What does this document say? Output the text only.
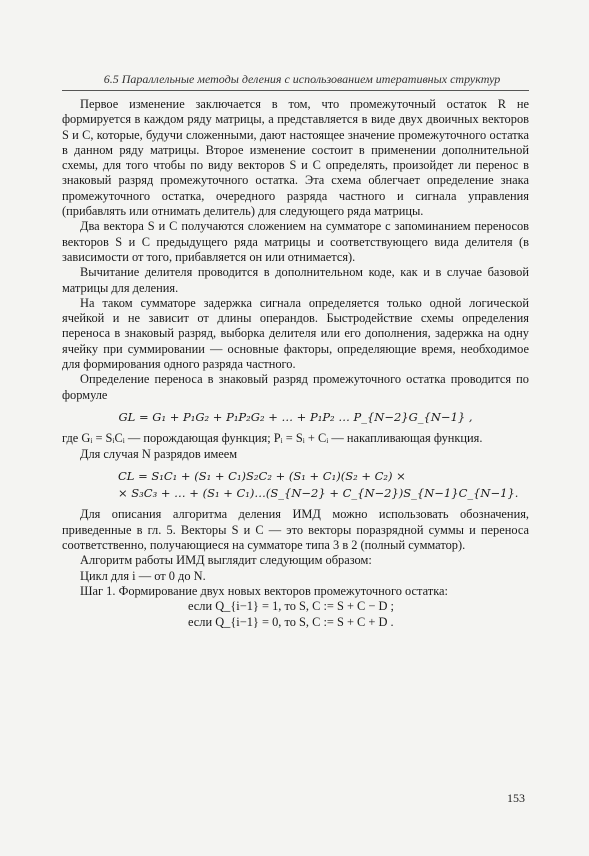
6.5 Параллельные методы деления с использованием итеративных структур

Первое изменение заключается в том, что промежуточный остаток R не формируется в каждом ряду матрицы, а представляется в виде двух двоичных векторов S и C, которые, будучи сложенными, дают настоящее значение промежуточного остатка в данном ряду матрицы. Второе изменение состоит в применении дополнительной схемы, для того чтобы по виду векторов S и C определять, произойдет ли перенос в знаковый разряд промежуточного остатка. Эта схема облегчает определение знака промежуточного остатка, очередного разряда частного и сигнала управления (прибавлять или отнимать делитель) для следующего ряда матрицы.

Два вектора S и C получаются сложением на сумматоре с запоминанием переносов векторов S и C предыдущего ряда матрицы и соответствующего вида делителя (в зависимости от того, прибавляется он или отнимается).

Вычитание делителя проводится в дополнительном коде, как и в случае базовой матрицы для деления.

На таком сумматоре задержка сигнала определяется только одной логической ячейкой и не зависит от длины операндов. Быстродействие схемы определения переноса в знаковый разряд, выборка делителя или его дополнения, задержка на одну ячейку при суммировании — основные факторы, определяющие время, необходимое для формирования одного разряда частного.

Определение переноса в знаковый разряд промежуточного остатка проводится по формуле

GL = G₁ + P₁G₂ + P₁P₂G₂ + … + P₁P₂ … P_{N−2}G_{N−1} ,

где Gᵢ = SᵢCᵢ — порождающая функция; Pᵢ = Sᵢ + Cᵢ — накапливающая функция.

Для случая N разрядов имеем

CL = S₁C₁ + (S₁ + C₁)S₂C₂ + (S₁ + C₁)(S₂ + C₂) ×
× S₃C₃ + … + (S₁ + C₁)…(S_{N−2} + C_{N−2})S_{N−1}C_{N−1}.

Для описания алгоритма деления ИМД можно использовать обозначения, приведенные в гл. 5. Векторы S и C — это векторы поразрядной суммы и переноса соответственно, получающиеся на сумматоре типа 3 в 2 (полный сумматор).

Алгоритм работы ИМД выглядит следующим образом:

Цикл для i — от 0 до N.

Шаг 1. Формирование двух новых векторов промежуточного остатка:

если Q_{i−1} = 1, то S, C := S + C − D ;

если Q_{i−1} = 0, то S, C := S + C + D .

153
